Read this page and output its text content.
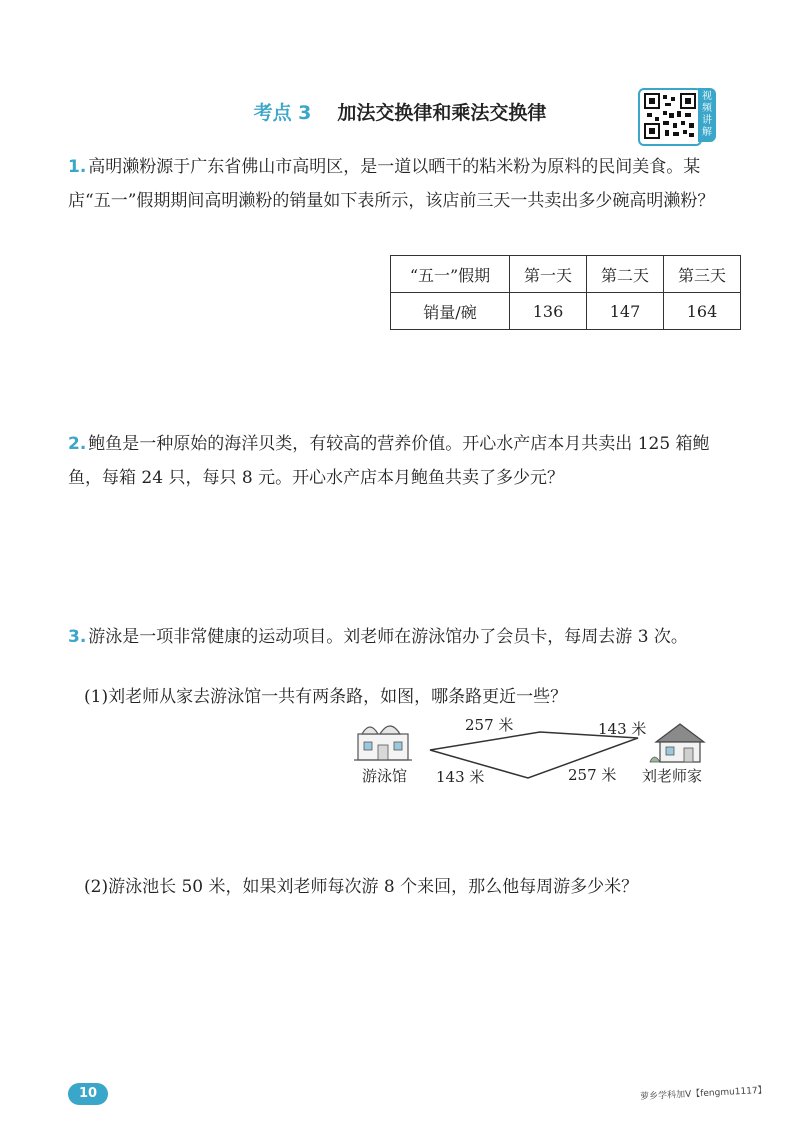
考点 3 加法交换律和乘法交换律
视频讲解
1. 高明濑粉源于广东省佛山市高明区，是一道以晒干的粘米粉为原料的民间美食。某店“五一”假期期间高明濑粉的销量如下表所示，该店前三天一共卖出多少碗高明濑粉？
“五一”假期	第一天	第二天	第三天
销量/碗	136	147	164
2. 鲍鱼是一种原始的海洋贝类，有较高的营养价值。开心水产店本月共卖出 125 箱鲍鱼，每箱 24 只，每只 8 元。开心水产店本月鲍鱼共卖了多少元？
3. 游泳是一项非常健康的运动项目。刘老师在游泳馆办了会员卡，每周去游 3 次。
(1)刘老师从家去游泳馆一共有两条路，如图，哪条路更近一些？
257 米	143 米
143 米	257 米
游泳馆	刘老师家
(2)游泳池长 50 米，如果刘老师每次游 8 个来回，那么他每周游多少米？
10	萝乡学科加V【fengmu1117】
